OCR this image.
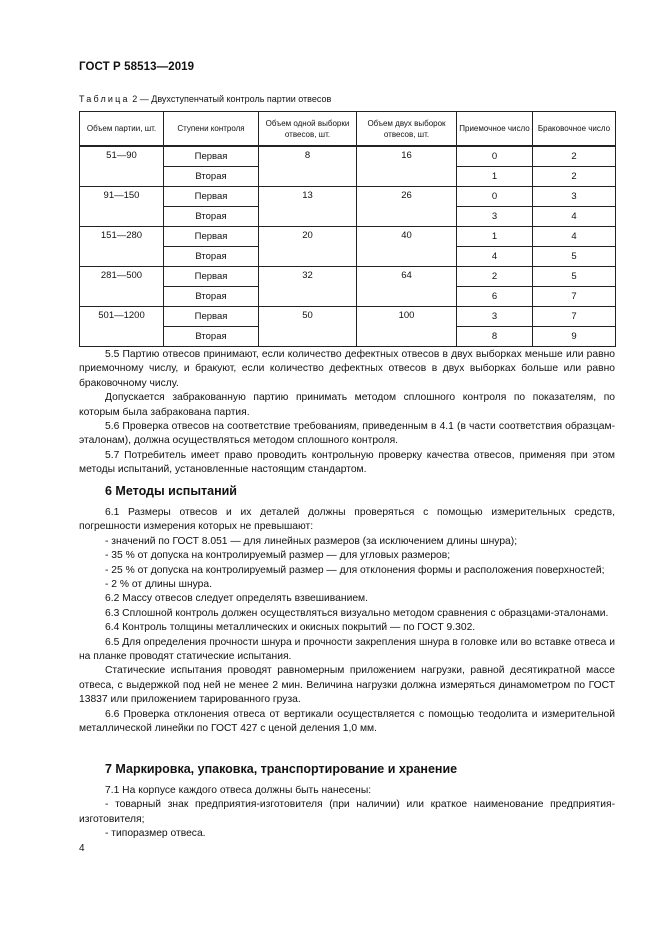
ГОСТ Р 58513—2019
Таблица 2 — Двухступенчатый контроль партии отвесов
Объем партии, шт.	Ступени контроля	Объем одной выборки отвесов, шт.	Объем двух выборок отвесов, шт.	Приемочное число	Браковочное число
51—90	Первая	8	16	0	2
	Вторая			1	2
91—150	Первая	13	26	0	3
	Вторая			3	4
151—280	Первая	20	40	1	4
	Вторая			4	5
281—500	Первая	32	64	2	5
	Вторая			6	7
501—1200	Первая	50	100	3	7
	Вторая			8	9

5.5 Партию отвесов принимают, если количество дефектных отвесов в двух выборках меньше или равно приемочному числу, и бракуют, если количество дефектных отвесов в двух выборках больше или равно браковочному числу.

Допускается забракованную партию принимать методом сплошного контроля по показателям, по которым была забракована партия.

5.6 Проверка отвесов на соответствие требованиям, приведенным в 4.1 (в части соответствия образцам-эталонам), должна осуществляться методом сплошного контроля.

5.7 Потребитель имеет право проводить контрольную проверку качества отвесов, применяя при этом методы испытаний, установленные настоящим стандартом.

6 Методы испытаний

6.1 Размеры отвесов и их деталей должны проверяться с помощью измерительных средств, погрешности измерения которых не превышают:

- значений по ГОСТ 8.051 — для линейных размеров (за исключением длины шнура);

- 35 % от допуска на контролируемый размер — для угловых размеров;

- 25 % от допуска на контролируемый размер — для отклонения формы и расположения поверхностей;

- 2 % от длины шнура.

6.2 Массу отвесов следует определять взвешиванием.

6.3 Сплошной контроль должен осуществляться визуально методом сравнения с образцами-эталонами.

6.4 Контроль толщины металлических и окисных покрытий — по ГОСТ 9.302.

6.5 Для определения прочности шнура и прочности закрепления шнура в головке или во вставке отвеса и на планке проводят статические испытания.

Статические испытания проводят равномерным приложением нагрузки, равной десятикратной массе отвеса, с выдержкой под ней не менее 2 мин. Величина нагрузки должна измеряться динамометром по ГОСТ 13837 или приложением тарированного груза.

6.6 Проверка отклонения отвеса от вертикали осуществляется с помощью теодолита и измерительной металлической линейки по ГОСТ 427 с ценой деления 1,0 мм.

7 Маркировка, упаковка, транспортирование и хранение

7.1 На корпусе каждого отвеса должны быть нанесены:

- товарный знак предприятия-изготовителя (при наличии) или краткое наименование предприятия-изготовителя;

- типоразмер отвеса.

4
